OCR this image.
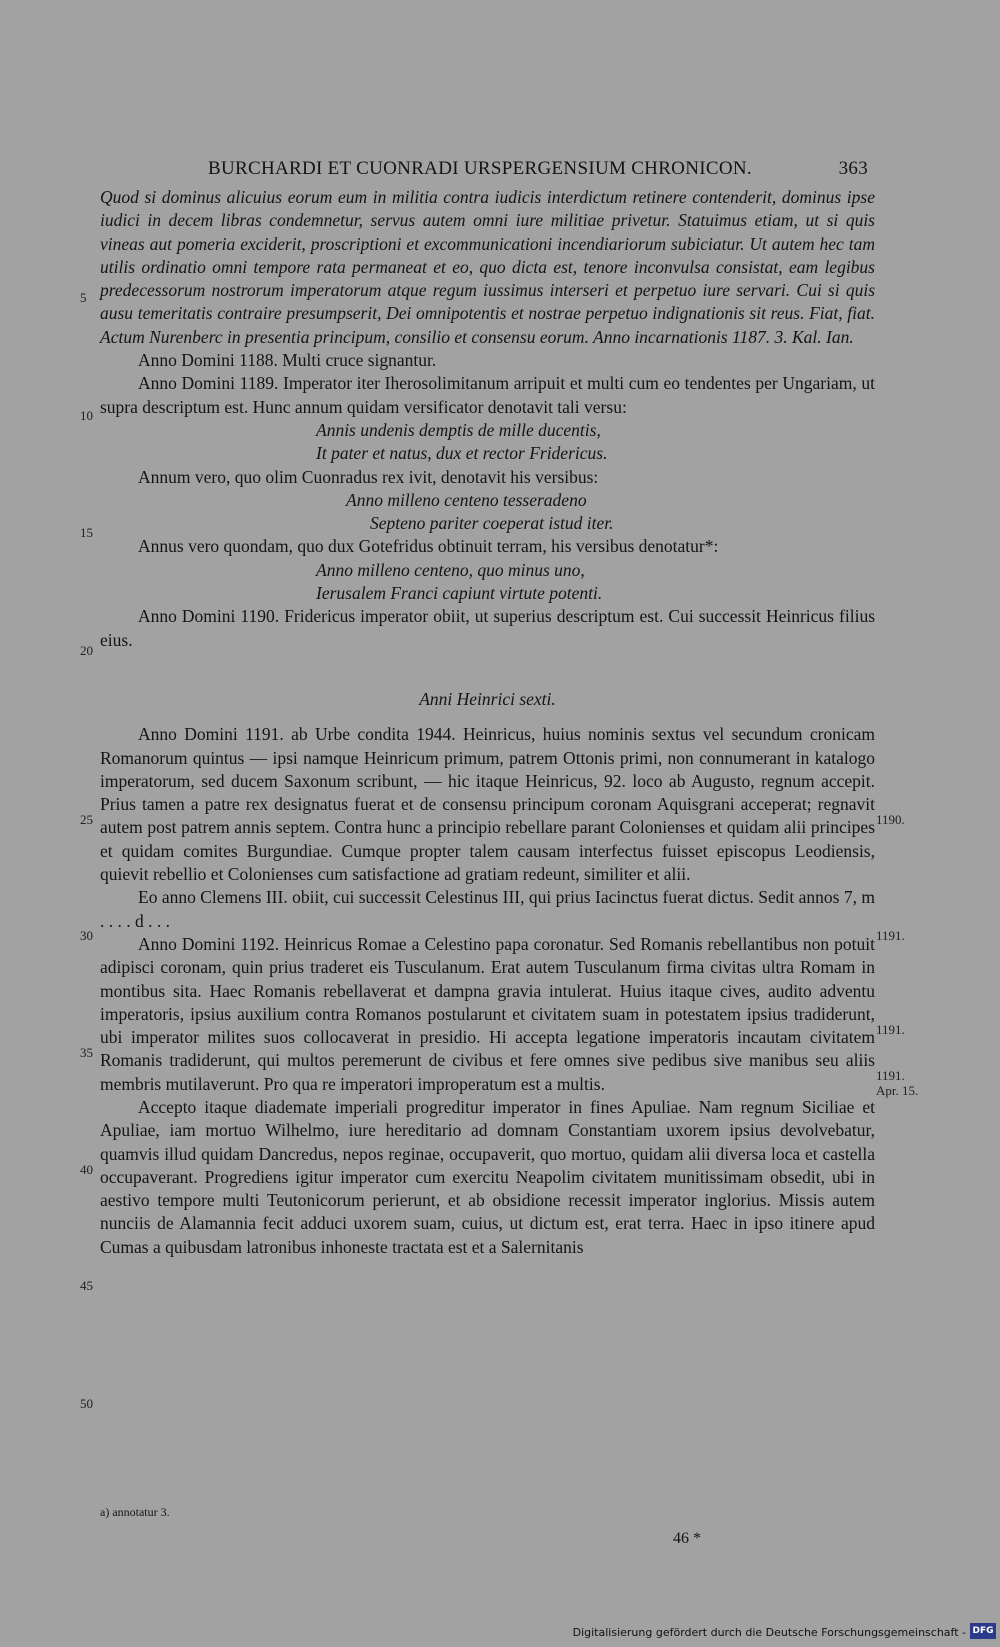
BURCHARDI ET CUONRADI URSPERGENSIUM CHRONICON.	363

Quod si dominus alicuius eorum eum in militia contra iudicis interdictum retinere contenderit, dominus ipse iudici in decem libras condemnetur, servus autem omni iure militiae privetur. Statuimus etiam, ut si quis vineas aut pomeria exciderit, proscriptioni et excommunicationi incendiariorum subiciatur. Ut autem hec tam utilis ordinatio omni tempore rata permaneat et eo, quo dicta est, tenore inconvulsa consistat, eam legibus predecessorum nostrorum imperatorum atque regum iussimus interseri et perpetuo iure servari. Cui si quis ausu temeritatis contraire presumpserit, Dei omnipotentis et nostrae perpetuo indignationis sit reus. Fiat, fiat. Actum Nurenberc in presentia principum, consilio et consensu eorum. Anno incarnationis 1187. 3. Kal. Ian.

Anno Domini 1188. Multi cruce signantur.

Anno Domini 1189. Imperator iter Iherosolimitanum arripuit et multi cum eo tendentes per Ungariam, ut supra descriptum est. Hunc annum quidam versificator denotavit tali versu:

Annis undenis demptis de mille ducentis,

It pater et natus, dux et rector Fridericus.

Annum vero, quo olim Cuonradus rex ivit, denotavit his versibus:

Anno milleno centeno tesseradeno

Septeno pariter coeperat istud iter.

Annus vero quondam, quo dux Gotefridus obtinuit terram, his versibus denotatur*:

Anno milleno centeno, quo minus uno,

Ierusalem Franci capiunt virtute potenti.

Anno Domini 1190. Fridericus imperator obiit, ut superius descriptum est. Cui successit Heinricus filius eius.

Anni Heinrici sexti.

Anno Domini 1191. ab Urbe condita 1944. Heinricus, huius nominis sextus vel secundum cronicam Romanorum quintus — ipsi namque Heinricum primum, patrem Ottonis primi, non connumerant in katalogo imperatorum, sed ducem Saxonum scribunt, — hic itaque Heinricus, 92. loco ab Augusto, regnum accepit. Prius tamen a patre rex designatus fuerat et de consensu principum coronam Aquisgrani acceperat; regnavit autem post patrem annis septem. Contra hunc a principio rebellare parant Colonienses et quidam alii principes et quidam comites Burgundiae. Cumque propter talem causam interfectus fuisset episcopus Leodiensis, quievit rebellio et Colonienses cum satisfactione ad gratiam redeunt, similiter et alii.

Eo anno Clemens III. obiit, cui successit Celestinus III, qui prius Iacinctus fuerat dictus. Sedit annos 7, m . . . . d . . .

Anno Domini 1192. Heinricus Romae a Celestino papa coronatur. Sed Romanis rebellantibus non potuit adipisci coronam, quin prius traderet eis Tusculanum. Erat autem Tusculanum firma civitas ultra Romam in montibus sita. Haec Romanis rebellaverat et dampna gravia intulerat. Huius itaque cives, audito adventu imperatoris, ipsius auxilium contra Romanos postularunt et civitatem suam in potestatem ipsius tradiderunt, ubi imperator milites suos collocaverat in presidio. Hi accepta legatione imperatoris incautam civitatem Romanis tradiderunt, qui multos peremerunt de civibus et fere omnes sive pedibus sive manibus seu aliis membris mutilaverunt. Pro qua re imperatori improperatum est a multis.

Accepto itaque diademate imperiali progreditur imperator in fines Apuliae. Nam regnum Siciliae et Apuliae, iam mortuo Wilhelmo, iure hereditario ad domnam Constantiam uxorem ipsius devolvebatur, quamvis illud quidam Dancredus, nepos reginae, occupaverit, quo mortuo, quidam alii diversa loca et castella occupaverant. Progrediens igitur imperator cum exercitu Neapolim civitatem munitissimam obsedit, ubi in aestivo tempore multi Teutonicorum perierunt, et ab obsidione recessit imperator inglorius. Missis autem nunciis de Alamannia fecit adduci uxorem suam, cuius, ut dictum est, erat terra. Haec in ipso itinere apud Cumas a quibusdam latronibus inhoneste tractata est et a Salernitanis

5
10
15
20
25
30
35
40
45
50
1190.
1191.
1191.
1191.
Apr. 15.
a) annotatur 3.
46 *
Digitalisierung gefördert durch die Deutsche Forschungsgemeinschaft - DFG
